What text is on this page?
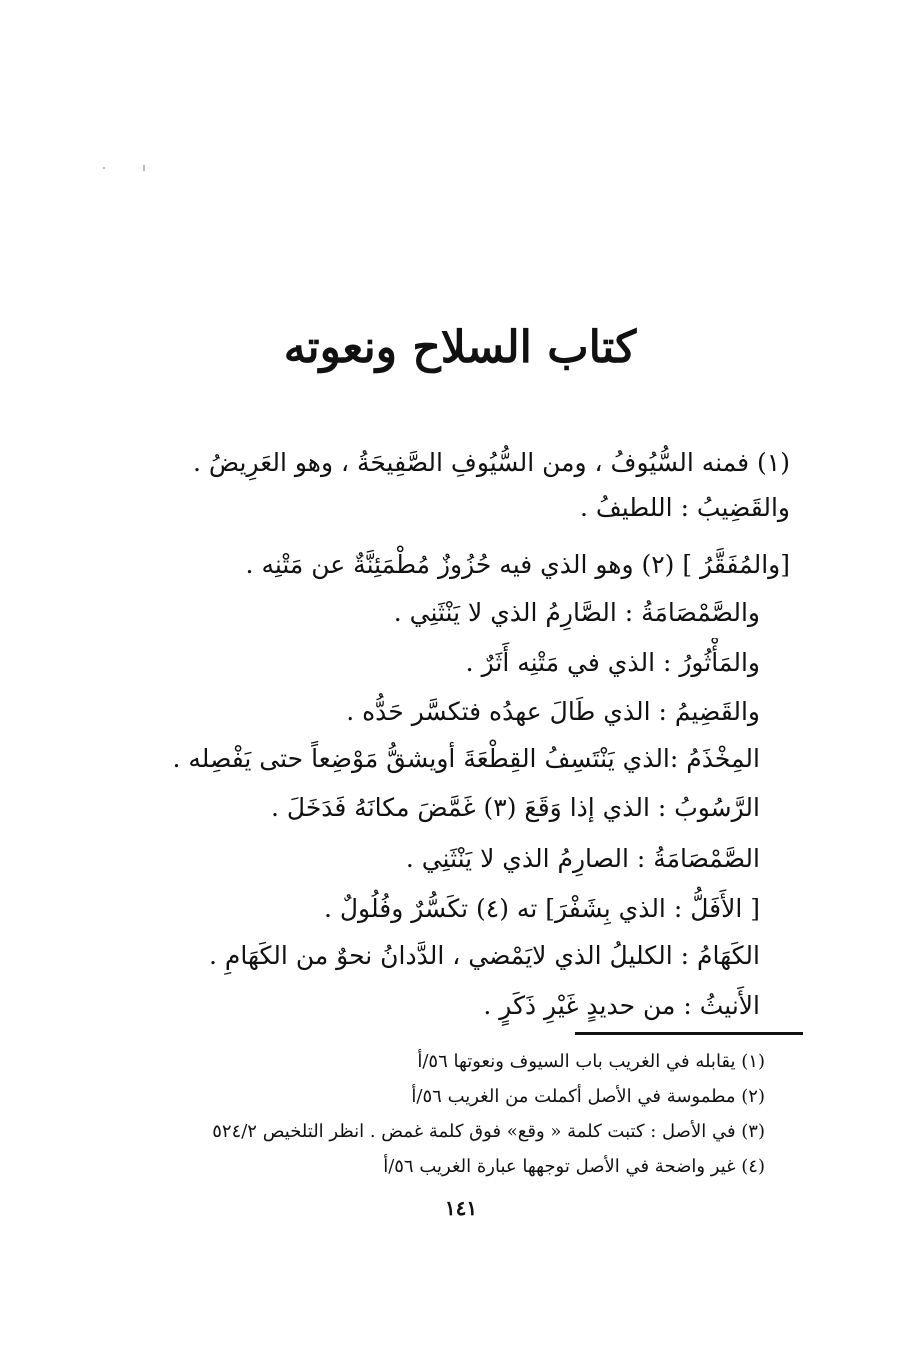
كتاب السلاح ونعوته
(١) فمنه السُّيُوفُ ، ومن السُّيُوفِ الصَّفِيحَةُ ، وهو العَرِيضُ .
والقَضِيبُ : اللطيفُ .
[والمُفَقَّرُ ] (٢) وهو الذي فيه حُزُوزٌ مُطْمَئِنَّةٌ عن مَتْنِه .
والصَّمْصَامَةُ : الصَّارِمُ الذي لا يَنْثَنِي .
والمَأْثُورُ : الذي في مَتْنِه أَثَرٌ .
والقَضِيمُ : الذي طَالَ عهدُه فتكسَّر حَدُّه .
المِخْذَمُ :الذي يَنْتَسِفُ القِطْعَةَ أويشقُّ مَوْضِعاً حتى يَفْصِله .
الرَّسُوبُ : الذي إذا وَقَعَ (٣) غَمَّضَ مكانَهُ فَدَخَلَ .
الصَّمْصَامَةُ : الصارِمُ الذي لا يَنْثَنِي .
[ الأَفَلُّ : الذي بِشَفْرَ] ته (٤) تكَسُّرٌ وفُلُولٌ .
الكَهَامُ : الكليلُ الذي لايَمْضي ، الدَّدانُ نحوٌ من الكَهَامِ .
الأَنيثُ : من حديدٍ غَيْرِ ذَكَرٍ .
(١) يقابله في الغريب باب السيوف ونعوتها ٥٦/أ
(٢) مطموسة في الأصل أكملت من الغريب ٥٦/أ
(٣) في الأصل : كتبت كلمة « وقع» فوق كلمة غمض . انظر التلخيص ٥٢٤/٢
(٤) غير واضحة في الأصل توجهها عبارة الغريب ٥٦/أ
١٤١
